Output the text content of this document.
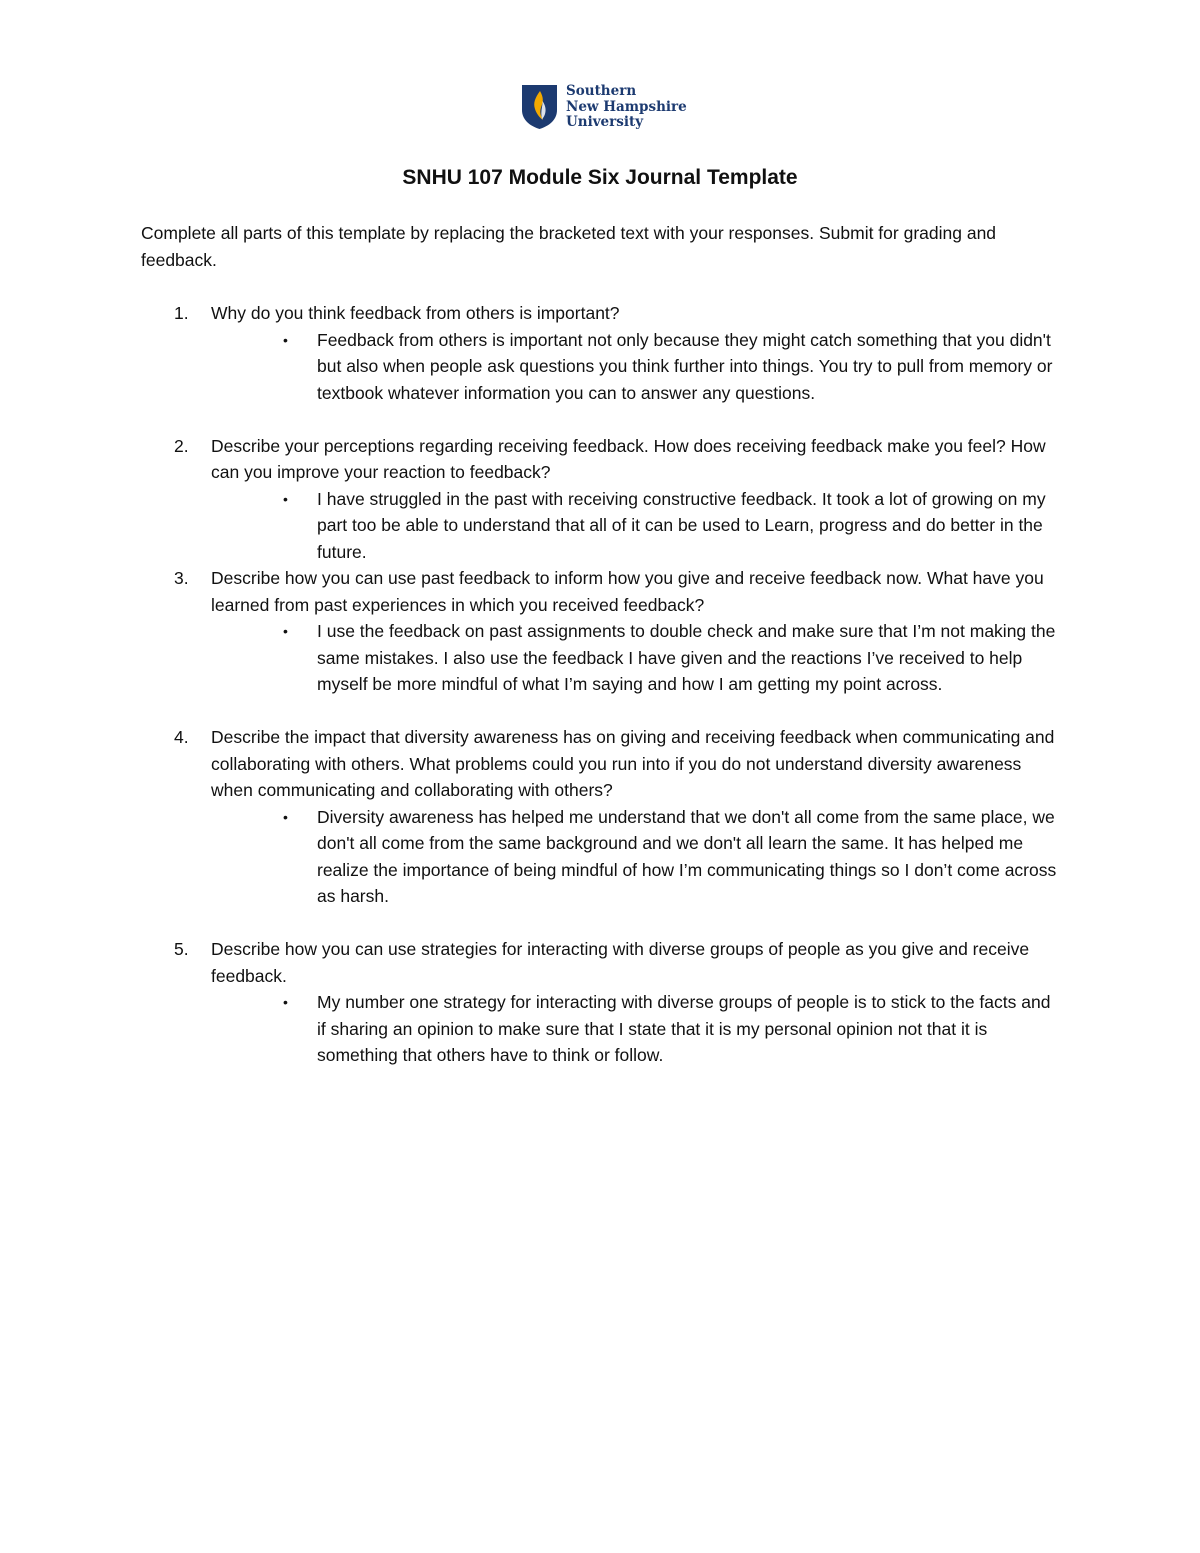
Southern
New Hampshire
University
SNHU 107 Module Six Journal Template

Complete all parts of this template by replacing the bracketed text with your responses. Submit for grading and feedback.

1. Why do you think feedback from others is important?
• Feedback from others is important not only because they might catch something that you didn't but also when people ask questions you think further into things. You try to pull from memory or textbook whatever information you can to answer any questions.
2. Describe your perceptions regarding receiving feedback. How does receiving feedback make you feel? How can you improve your reaction to feedback?
• I have struggled in the past with receiving constructive feedback. It took a lot of growing on my part too be able to understand that all of it can be used to Learn, progress and do better in the future.
3. Describe how you can use past feedback to inform how you give and receive feedback now. What have you learned from past experiences in which you received feedback?
• I use the feedback on past assignments to double check and make sure that I’m not making the same mistakes. I also use the feedback I have given and the reactions I’ve received to help myself be more mindful of what I’m saying and how I am getting my point across.
4. Describe the impact that diversity awareness has on giving and receiving feedback when communicating and collaborating with others. What problems could you run into if you do not understand diversity awareness when communicating and collaborating with others?
• Diversity awareness has helped me understand that we don't all come from the same place, we don't all come from the same background and we don't all learn the same. It has helped me realize the importance of being mindful of how I’m communicating things so I don’t come across as harsh.
5. Describe how you can use strategies for interacting with diverse groups of people as you give and receive feedback.
• My number one strategy for interacting with diverse groups of people is to stick to the facts and if sharing an opinion to make sure that I state that it is my personal opinion not that it is something that others have to think or follow.
